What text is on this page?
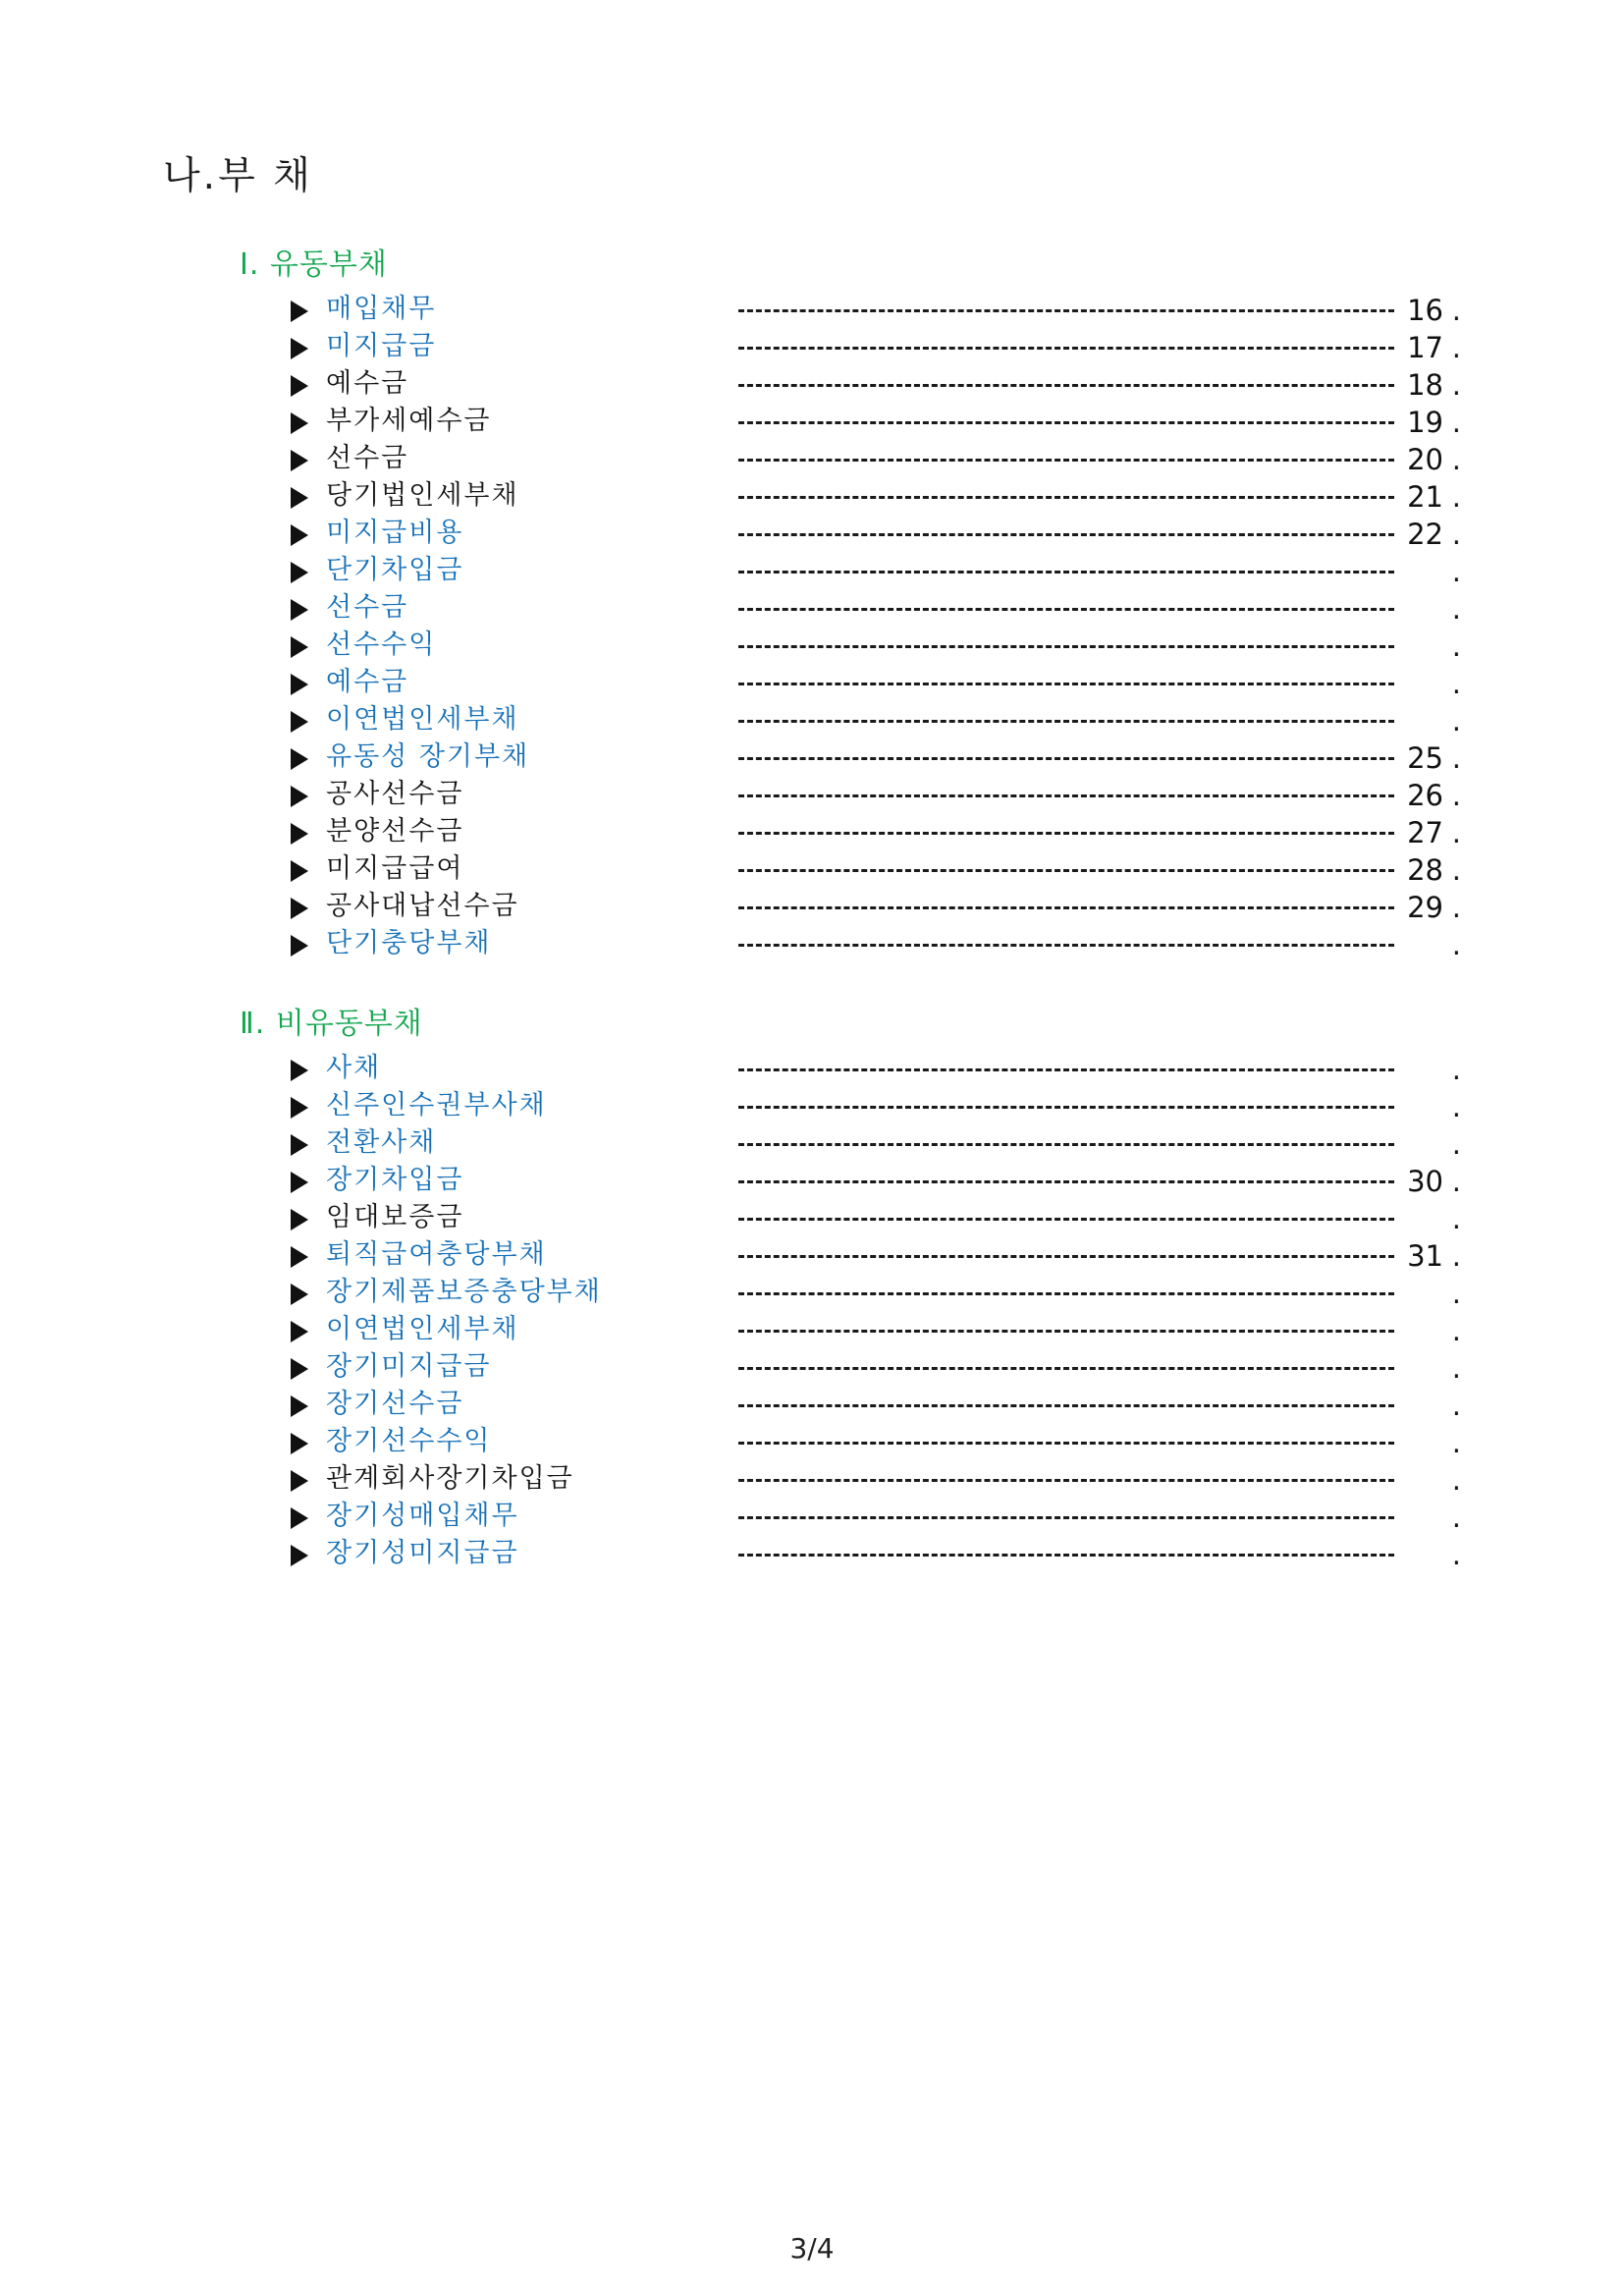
나.부 채
Ⅰ. 유동부채
매입채무	16 .
미지급금	17 .
예수금	18 .
부가세예수금	19 .
선수금	20 .
당기법인세부채	21 .
미지급비용	22 .
단기차입금	.
선수금	.
선수수익	.
예수금	.
이연법인세부채	.
유동성 장기부채	25 .
공사선수금	26 .
분양선수금	27 .
미지급급여	28 .
공사대납선수금	29 .
단기충당부채	.
Ⅱ. 비유동부채
사채	.
신주인수권부사채	.
전환사채	.
장기차입금	30 .
임대보증금	.
퇴직급여충당부채	31 .
장기제품보증충당부채	.
이연법인세부채	.
장기미지급금	.
장기선수금	.
장기선수수익	.
관계회사장기차입금	.
장기성매입채무	.
장기성미지급금	.
3/4
